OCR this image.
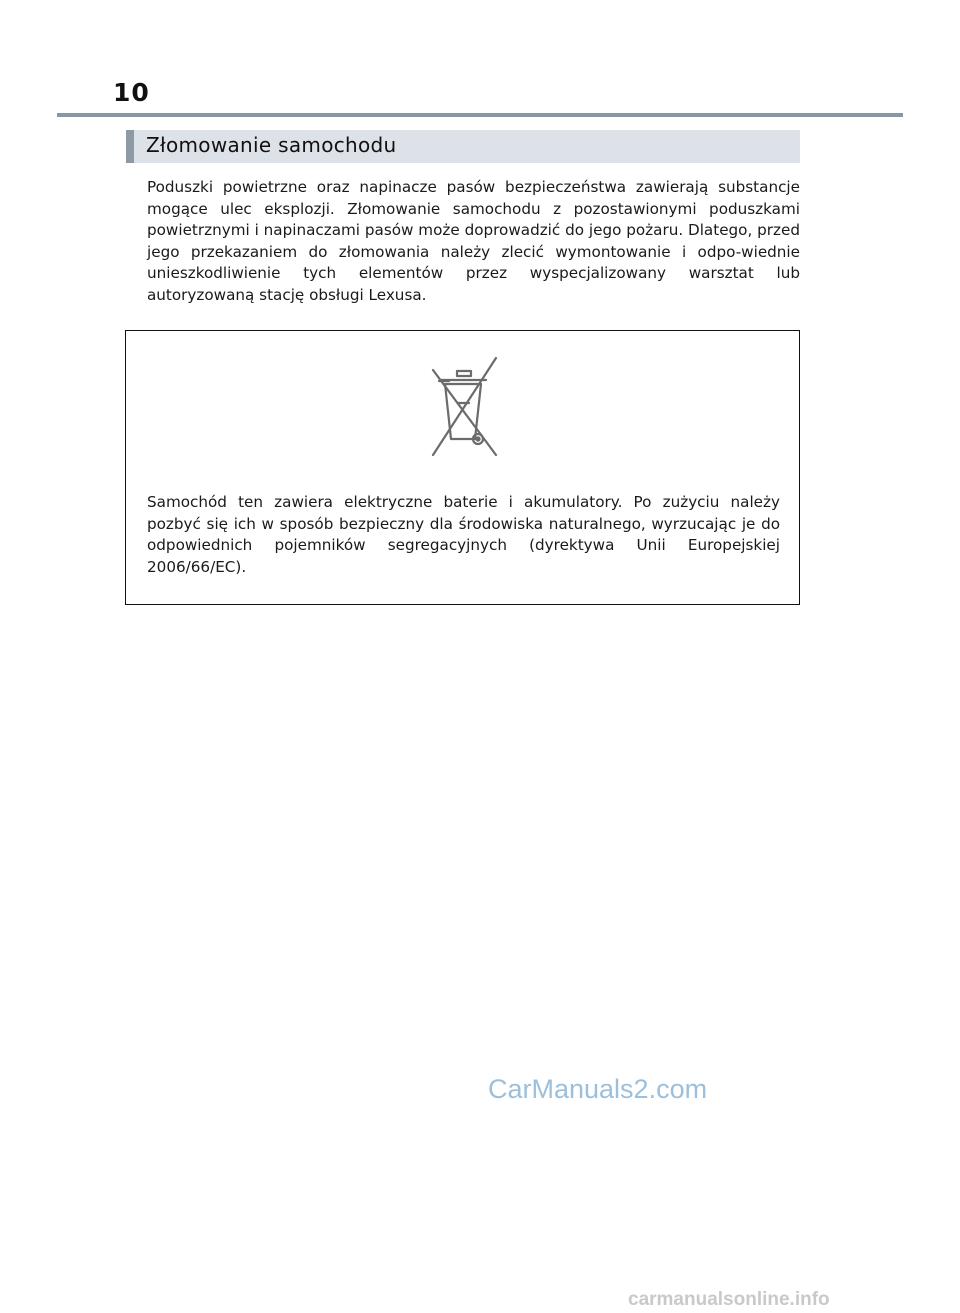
10
Złomowanie samochodu

Poduszki powietrzne oraz napinacze pasów bezpieczeństwa zawierają substancje mogące ulec eksplozji. Złomowanie samochodu z pozostawionymi poduszkami powietrznymi i napinaczami pasów może doprowadzić do jego pożaru. Dlatego, przed jego przekazaniem do złomowania należy zlecić wymontowanie i odpo-wiednie unieszkodliwienie tych elementów przez wyspecjalizowany warsztat lub autoryzowaną stację obsługi Lexusa.

Samochód ten zawiera elektryczne baterie i akumulatory. Po zużyciu należy pozbyć się ich w sposób bezpieczny dla środowiska naturalnego, wyrzucając je do odpowiednich pojemników segregacyjnych (dyrektywa Unii Europejskiej 2006/66/EC).

CarManuals2.com
carmanualsonline.info
